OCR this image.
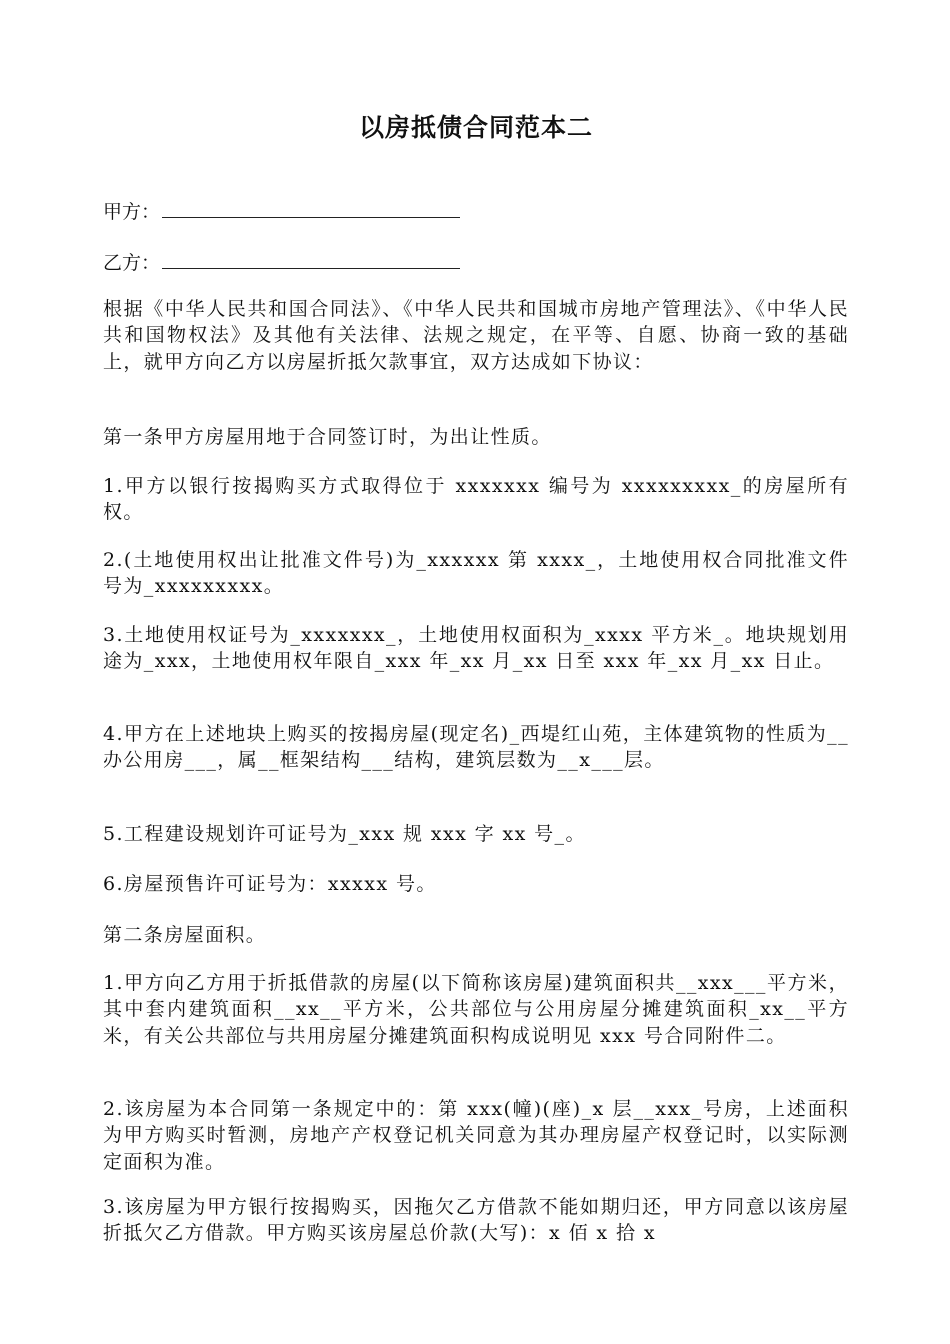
以房抵债合同范本二
甲方：
乙方：

根据《中华人民共和国合同法》、《中华人民共和国城市房地产管理法》、《中华人民共和国物权法》及其他有关法律、法规之规定，在平等、自愿、协商一致的基础上，就甲方向乙方以房屋折抵欠款事宜，双方达成如下协议：

第一条甲方房屋用地于合同签订时，为出让性质。

1.甲方以银行按揭购买方式取得位于 xxxxxxx 编号为 xxxxxxxxx_的房屋所有权。

2.(土地使用权出让批准文件号)为_xxxxxx 第 xxxx_，土地使用权合同批准文件号为_xxxxxxxxx。

3.土地使用权证号为_xxxxxxx_，土地使用权面积为_xxxx 平方米_。地块规划用途为_xxx，土地使用权年限自_xxx 年_xx 月_xx 日至 xxx 年_xx 月_xx 日止。

4.甲方在上述地块上购买的按揭房屋(现定名)_西堤红山苑，主体建筑物的性质为__办公用房___，属__框架结构___结构，建筑层数为__x___层。

5.工程建设规划许可证号为_xxx 规 xxx 字 xx 号_。

6.房屋预售许可证号为：xxxxx 号。

第二条房屋面积。

1.甲方向乙方用于折抵借款的房屋(以下简称该房屋)建筑面积共__xxx___平方米，其中套内建筑面积__xx__平方米，公共部位与公用房屋分摊建筑面积_xx__平方米，有关公共部位与共用房屋分摊建筑面积构成说明见 xxx 号合同附件二。

2.该房屋为本合同第一条规定中的：第 xxx(幢)(座)_x 层__xxx_号房，上述面积为甲方购买时暂测，房地产产权登记机关同意为其办理房屋产权登记时，以实际测定面积为准。

3.该房屋为甲方银行按揭购买，因拖欠乙方借款不能如期归还，甲方同意以该房屋折抵欠乙方借款。甲方购买该房屋总价款(大写)：x 佰 x 拾 x
